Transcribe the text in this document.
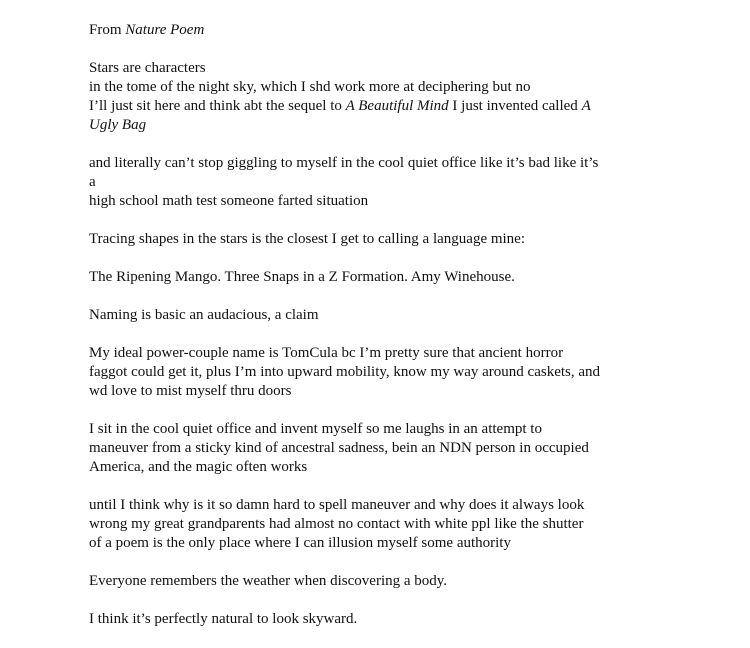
From Nature Poem

Stars are characters
in the tome of the night sky, which I shd work more at deciphering but no
I’ll just sit here and think abt the sequel to A Beautiful Mind I just invented called A
Ugly Bag

and literally can’t stop giggling to myself in the cool quiet office like it’s bad like it’s
a
high school math test someone farted situation

Tracing shapes in the stars is the closest I get to calling a language mine:

The Ripening Mango. Three Snaps in a Z Formation. Amy Winehouse.

Naming is basic an audacious, a claim

My ideal power-couple name is TomCula bc I’m pretty sure that ancient horror
faggot could get it, plus I’m into upward mobility, know my way around caskets, and
wd love to mist myself thru doors

I sit in the cool quiet office and invent myself so me laughs in an attempt to
maneuver from a sticky kind of ancestral sadness, bein an NDN person in occupied
America, and the magic often works

until I think why is it so damn hard to spell maneuver and why does it always look
wrong my great grandparents had almost no contact with white ppl like the shutter
of a poem is the only place where I can illusion myself some authority

Everyone remembers the weather when discovering a body.

I think it’s perfectly natural to look skyward.
